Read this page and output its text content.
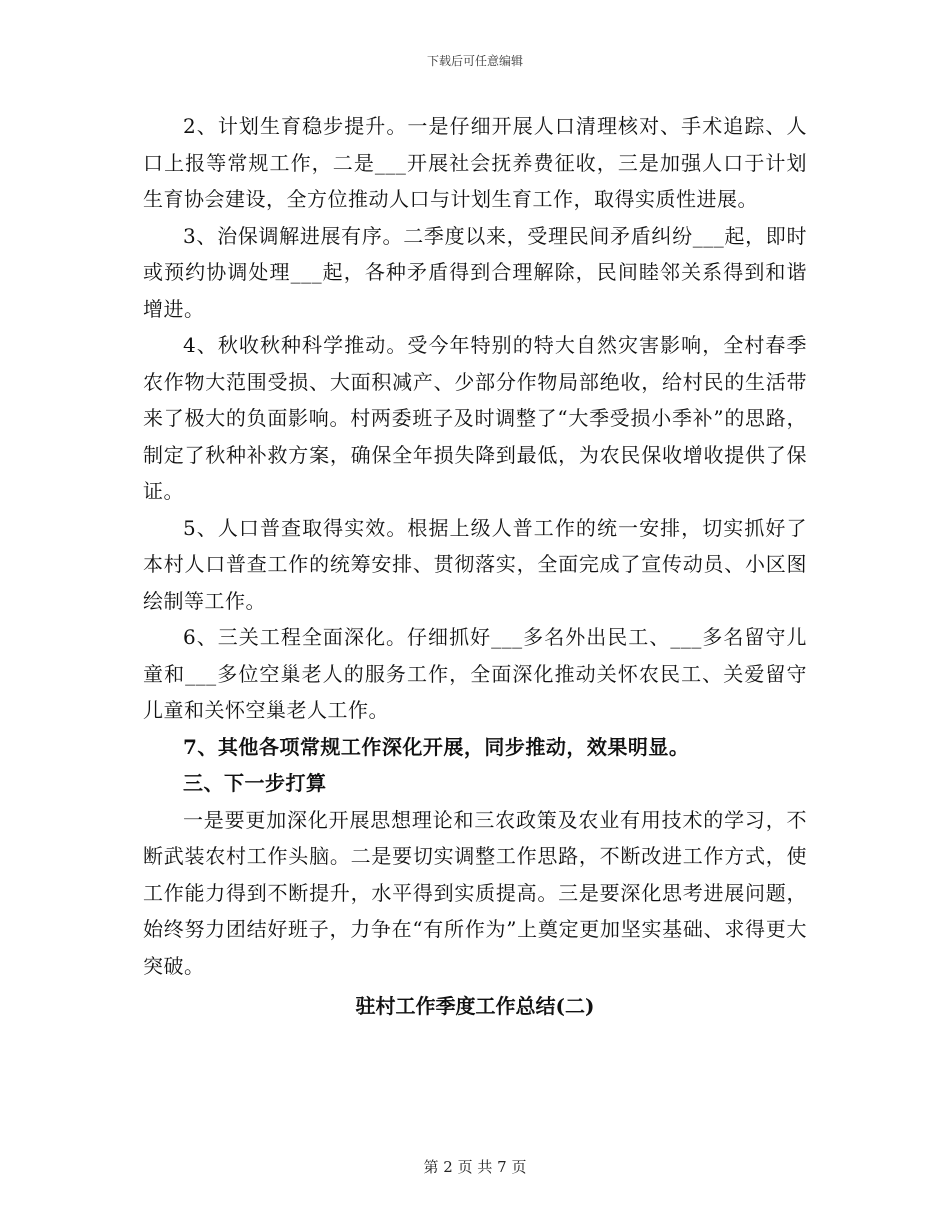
下载后可任意编辑

2、计划生育稳步提升。一是仔细开展人口清理核对、手术追踪、人口上报等常规工作，二是___开展社会抚养费征收，三是加强人口于计划生育协会建设，全方位推动人口与计划生育工作，取得实质性进展。

3、治保调解进展有序。二季度以来，受理民间矛盾纠纷___起，即时或预约协调处理___起，各种矛盾得到合理解除，民间睦邻关系得到和谐增进。

4、秋收秋种科学推动。受今年特别的特大自然灾害影响，全村春季农作物大范围受损、大面积减产、少部分作物局部绝收，给村民的生活带来了极大的负面影响。村两委班子及时调整了“大季受损小季补”的思路，制定了秋种补救方案，确保全年损失降到最低，为农民保收增收提供了保证。

5、人口普查取得实效。根据上级人普工作的统一安排，切实抓好了本村人口普查工作的统筹安排、贯彻落实，全面完成了宣传动员、小区图绘制等工作。

6、三关工程全面深化。仔细抓好___多名外出民工、___多名留守儿童和___多位空巢老人的服务工作，全面深化推动关怀农民工、关爱留守儿童和关怀空巢老人工作。

7、其他各项常规工作深化开展，同步推动，效果明显。

三、下一步打算

一是要更加深化开展思想理论和三农政策及农业有用技术的学习，不断武装农村工作头脑。二是要切实调整工作思路，不断改进工作方式，使工作能力得到不断提升，水平得到实质提高。三是要深化思考进展问题，始终努力团结好班子，力争在“有所作为”上奠定更加坚实基础、求得更大突破。

驻村工作季度工作总结(二)

第 2 页 共 7 页
